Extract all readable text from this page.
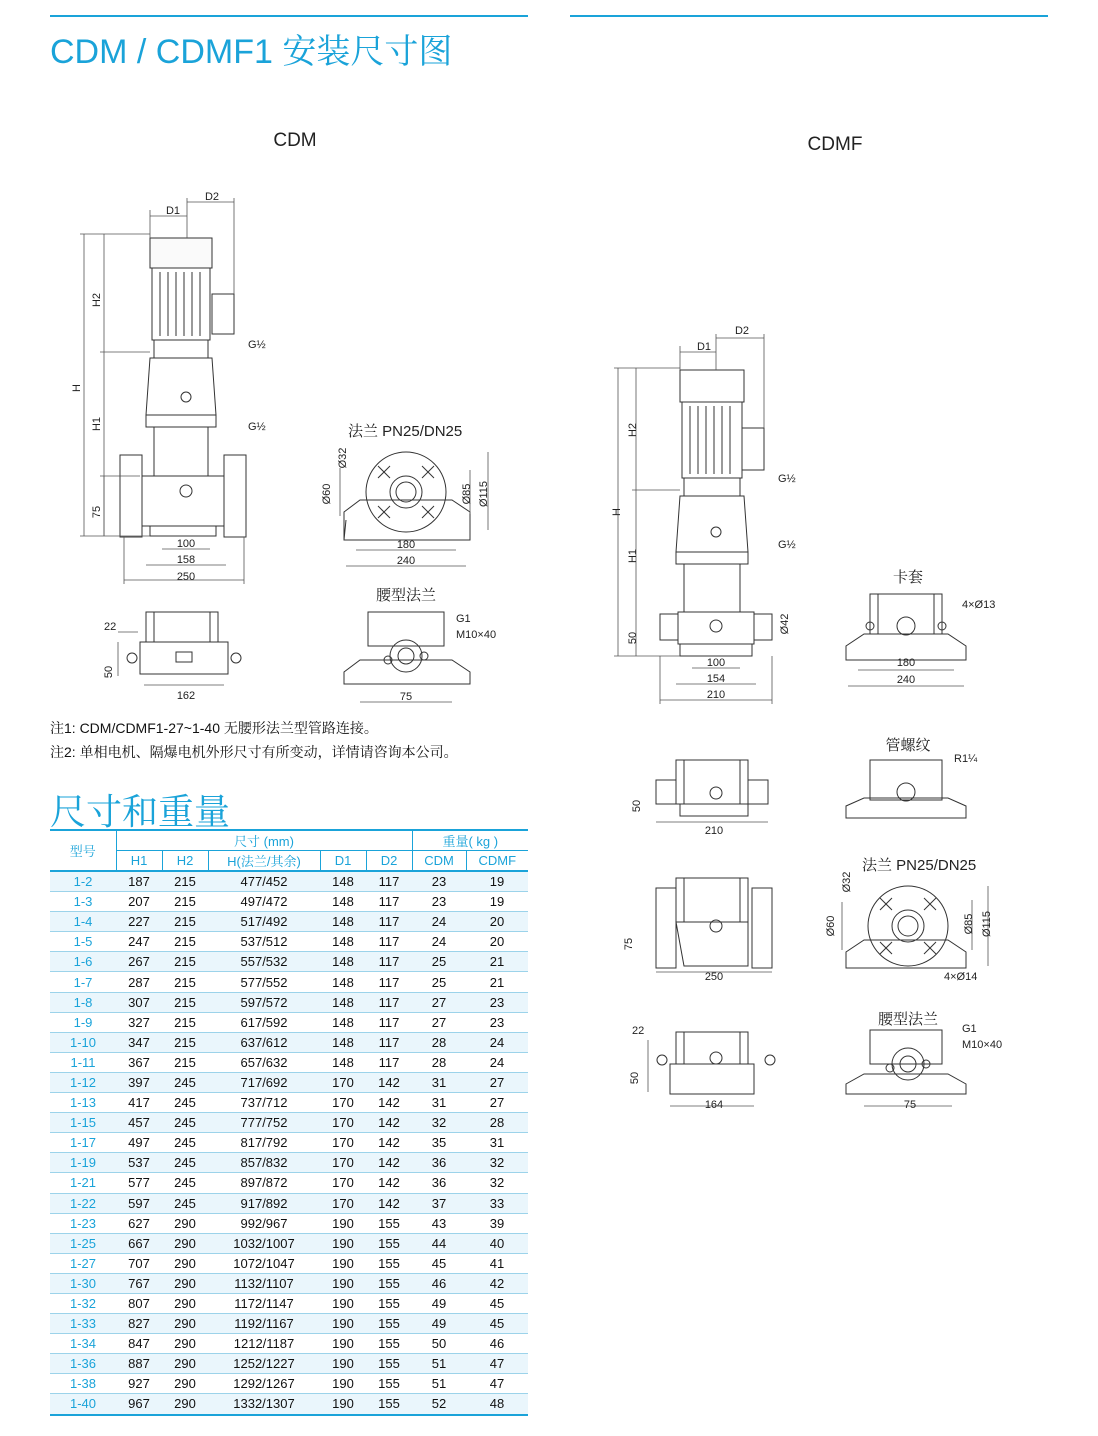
CDM / CDMF1 安装尺寸图
CDM	CDMF
D2
D1
H2
H
H1
75
G½
G½
100
158
250
22
50
162
法兰 PN25/DN25
Ø32
Ø60	Ø85 Ø115
180
240
腰型法兰
G1
M10×40
75
D2
D1
H2
H
H1
50
G½
G½
Ø42
100
154
210
卡套
4×Ø13
180
240
管螺纹
R1¼
50
210
法兰 PN25/DN25
Ø32
Ø60	Ø85 Ø115
4×Ø14
75
250
腰型法兰
G1
M10×40
22
50
164	75
注1: CDM/CDMF1-27~1-40 无腰形法兰型管路连接。
注2: 单相电机、隔爆电机外形尺寸有所变动，详情请咨询本公司。
尺寸和重量
型号	尺寸 (mm)					重量( kg )	
	H1	H2	H(法兰/其余)	D1	D2	CDM	CDMF
1-2	187	215	477/452	148	117	23	19
1-3	207	215	497/472	148	117	23	19
1-4	227	215	517/492	148	117	24	20
1-5	247	215	537/512	148	117	24	20
1-6	267	215	557/532	148	117	25	21
1-7	287	215	577/552	148	117	25	21
1-8	307	215	597/572	148	117	27	23
1-9	327	215	617/592	148	117	27	23
1-10	347	215	637/612	148	117	28	24
1-11	367	215	657/632	148	117	28	24
1-12	397	245	717/692	170	142	31	27
1-13	417	245	737/712	170	142	31	27
1-15	457	245	777/752	170	142	32	28
1-17	497	245	817/792	170	142	35	31
1-19	537	245	857/832	170	142	36	32
1-21	577	245	897/872	170	142	36	32
1-22	597	245	917/892	170	142	37	33
1-23	627	290	992/967	190	155	43	39
1-25	667	290	1032/1007	190	155	44	40
1-27	707	290	1072/1047	190	155	45	41
1-30	767	290	1132/1107	190	155	46	42
1-32	807	290	1172/1147	190	155	49	45
1-33	827	290	1192/1167	190	155	49	45
1-34	847	290	1212/1187	190	155	50	46
1-36	887	290	1252/1227	190	155	51	47
1-38	927	290	1292/1267	190	155	51	47
1-40	967	290	1332/1307	190	155	52	48
